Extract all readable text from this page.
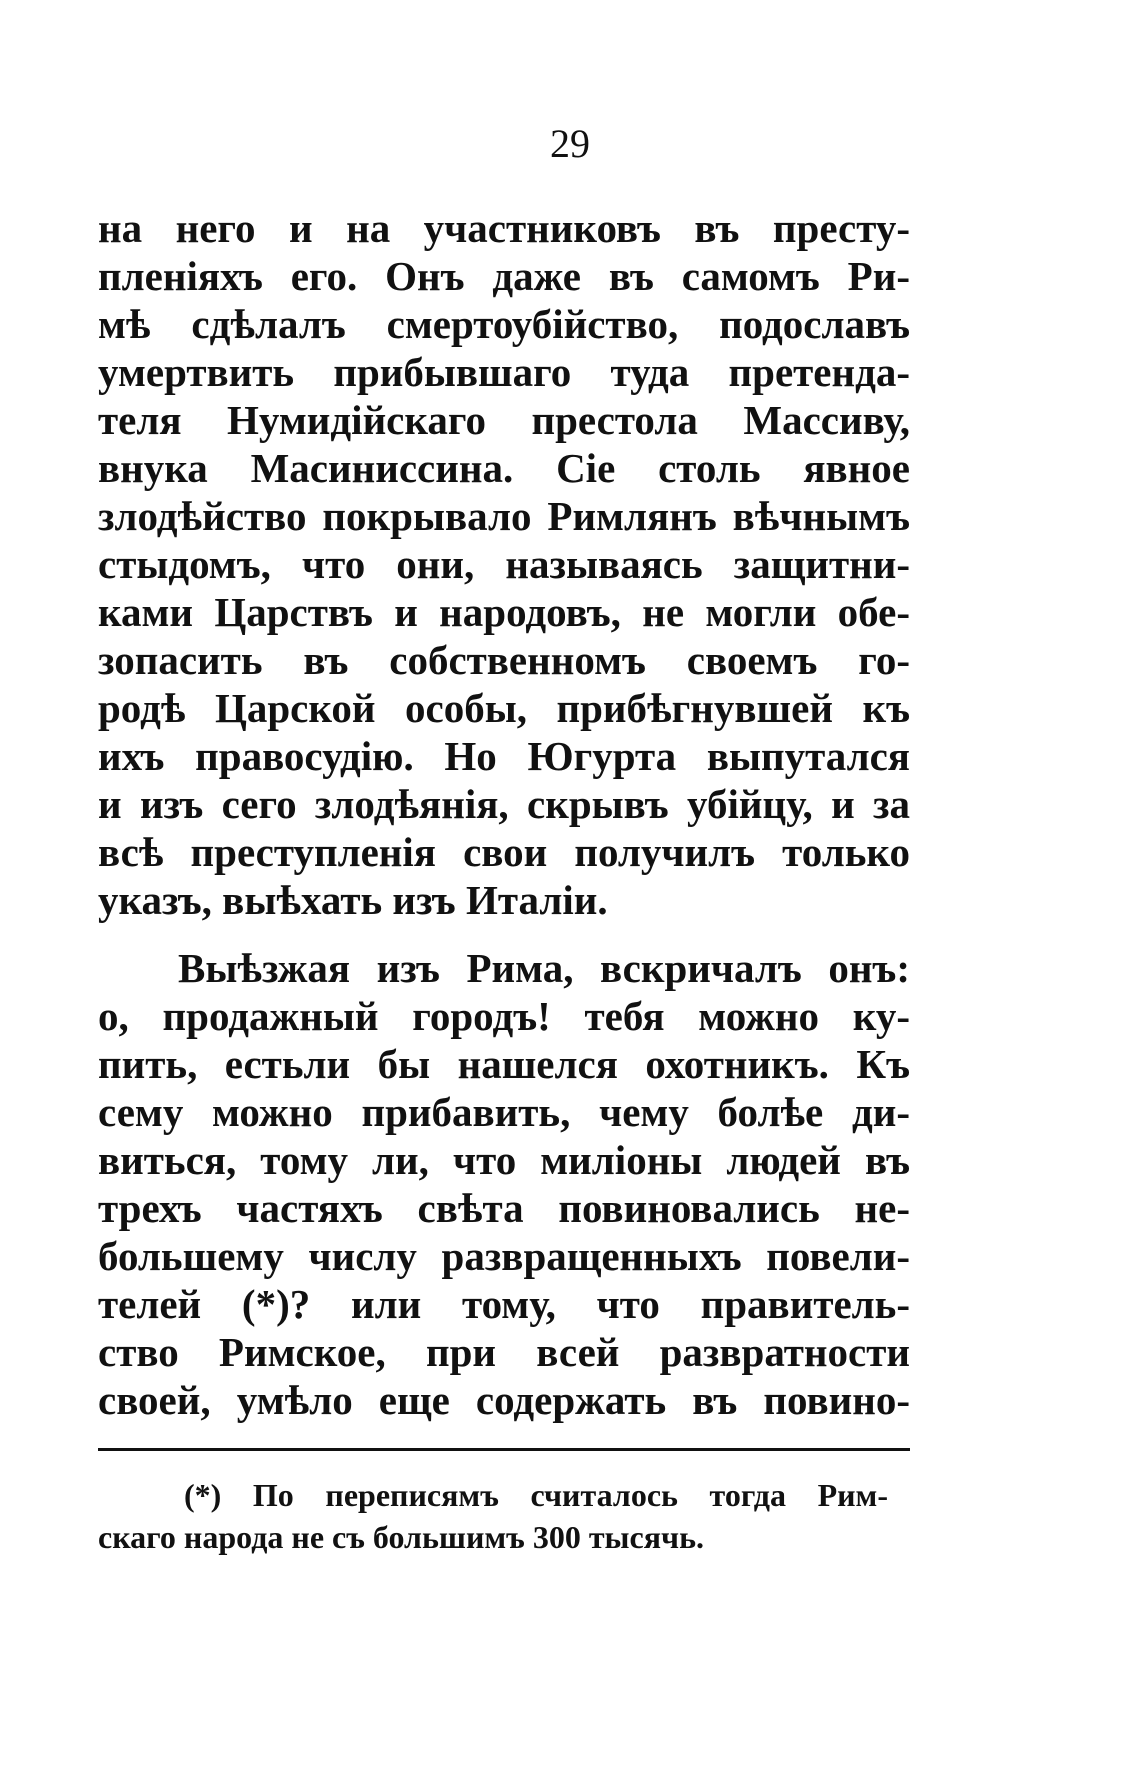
29
на него и на участниковъ въ престу-
пленіяхъ его. Онъ даже въ самомъ Ри-
мѣ сдѣлалъ смертоубійство, подославъ
умертвить прибывшаго туда претенда-
теля Нумидійскаго престола Массиву,
внука Масиниссина. Сіе столь явное
злодѣйство покрывало Римлянъ вѣчнымъ
стыдомъ, что они, называясь защитни-
ками Царствъ и народовъ, не могли обе-
зопасить въ собственномъ своемъ го-
родѣ Царской особы, прибѣгнувшей къ
ихъ правосудію. Но Югурта выпутался
и изъ сего злодѣянія, скрывъ убійцу, и за
всѣ преступленія свои получилъ только
указъ, выѣхать изъ Италіи.
Выѣзжая изъ Рима, вскричалъ онъ:
о, продажный городъ! тебя можно ку-
пить, естьли бы нашелся охотникъ. Къ
сему можно прибавить, чему болѣе ди-
виться, тому ли, что миліоны людей въ
трехъ частяхъ свѣта повиновались не-
большему числу развращенныхъ повели-
телей (*)? или тому, что правитель-
ство Римское, при всей развратности
своей, умѣло еще содержать въ повино-
(*) По переписямъ считалось тогда Рим-
скаго народа не съ большимъ 300 тысячь.
